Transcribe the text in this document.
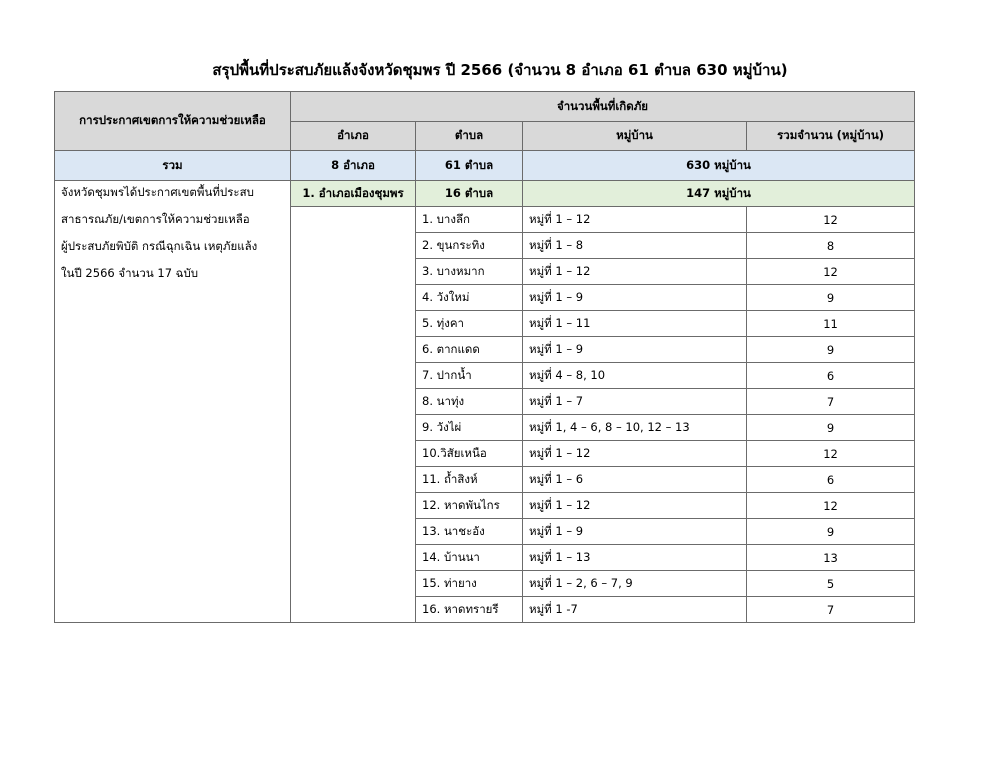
สรุปพื้นที่ประสบภัยแล้งจังหวัดชุมพร ปี 2566 (จำนวน 8 อำเภอ 61 ตำบล 630 หมู่บ้าน)
การประกาศเขตการให้ความช่วยเหลือ	จำนวนพื้นที่เกิดภัย			
	อำเภอ	ตำบล	หมู่บ้าน	รวมจำนวน (หมู่บ้าน)
รวม	8 อำเภอ	61 ตำบล	630 หมู่บ้าน	

จังหวัดชุมพรได้ประกาศเขตพื้นที่ประสบ
สาธารณภัย/เขตการให้ความช่วยเหลือ
ผู้ประสบภัยพิบัติ กรณีฉุกเฉิน เหตุภัยแล้ง
ในปี 2566 จำนวน 17 ฉบับ	1. อำเภอเมืองชุมพร	16 ตำบล	147 หมู่บ้าน	
		1. บางลึก	หมู่ที่ 1 – 12	12
		2. ขุนกระทิง	หมู่ที่ 1 – 8	8
		3. บางหมาก	หมู่ที่ 1 – 12	12
		4. วังใหม่	หมู่ที่ 1 – 9	9
		5. ทุ่งคา	หมู่ที่ 1 – 11	11
		6. ตากแดด	หมู่ที่ 1 – 9	9
		7. ปากน้ำ	หมู่ที่ 4 – 8, 10	6
		8. นาทุ่ง	หมู่ที่ 1 – 7	7
		9. วังไผ่	หมู่ที่ 1, 4 – 6, 8 – 10, 12 – 13	9
		10.วิสัยเหนือ	หมู่ที่ 1 – 12	12
		11. ถ้ำสิงห์	หมู่ที่ 1 – 6	6
		12. หาดพันไกร	หมู่ที่ 1 – 12	12
		13. นาชะอัง	หมู่ที่ 1 – 9	9
		14. บ้านนา	หมู่ที่ 1 – 13	13
		15. ท่ายาง	หมู่ที่ 1 – 2, 6 – 7, 9	5
		16. หาดทรายรี	หมู่ที่ 1 -7	7
